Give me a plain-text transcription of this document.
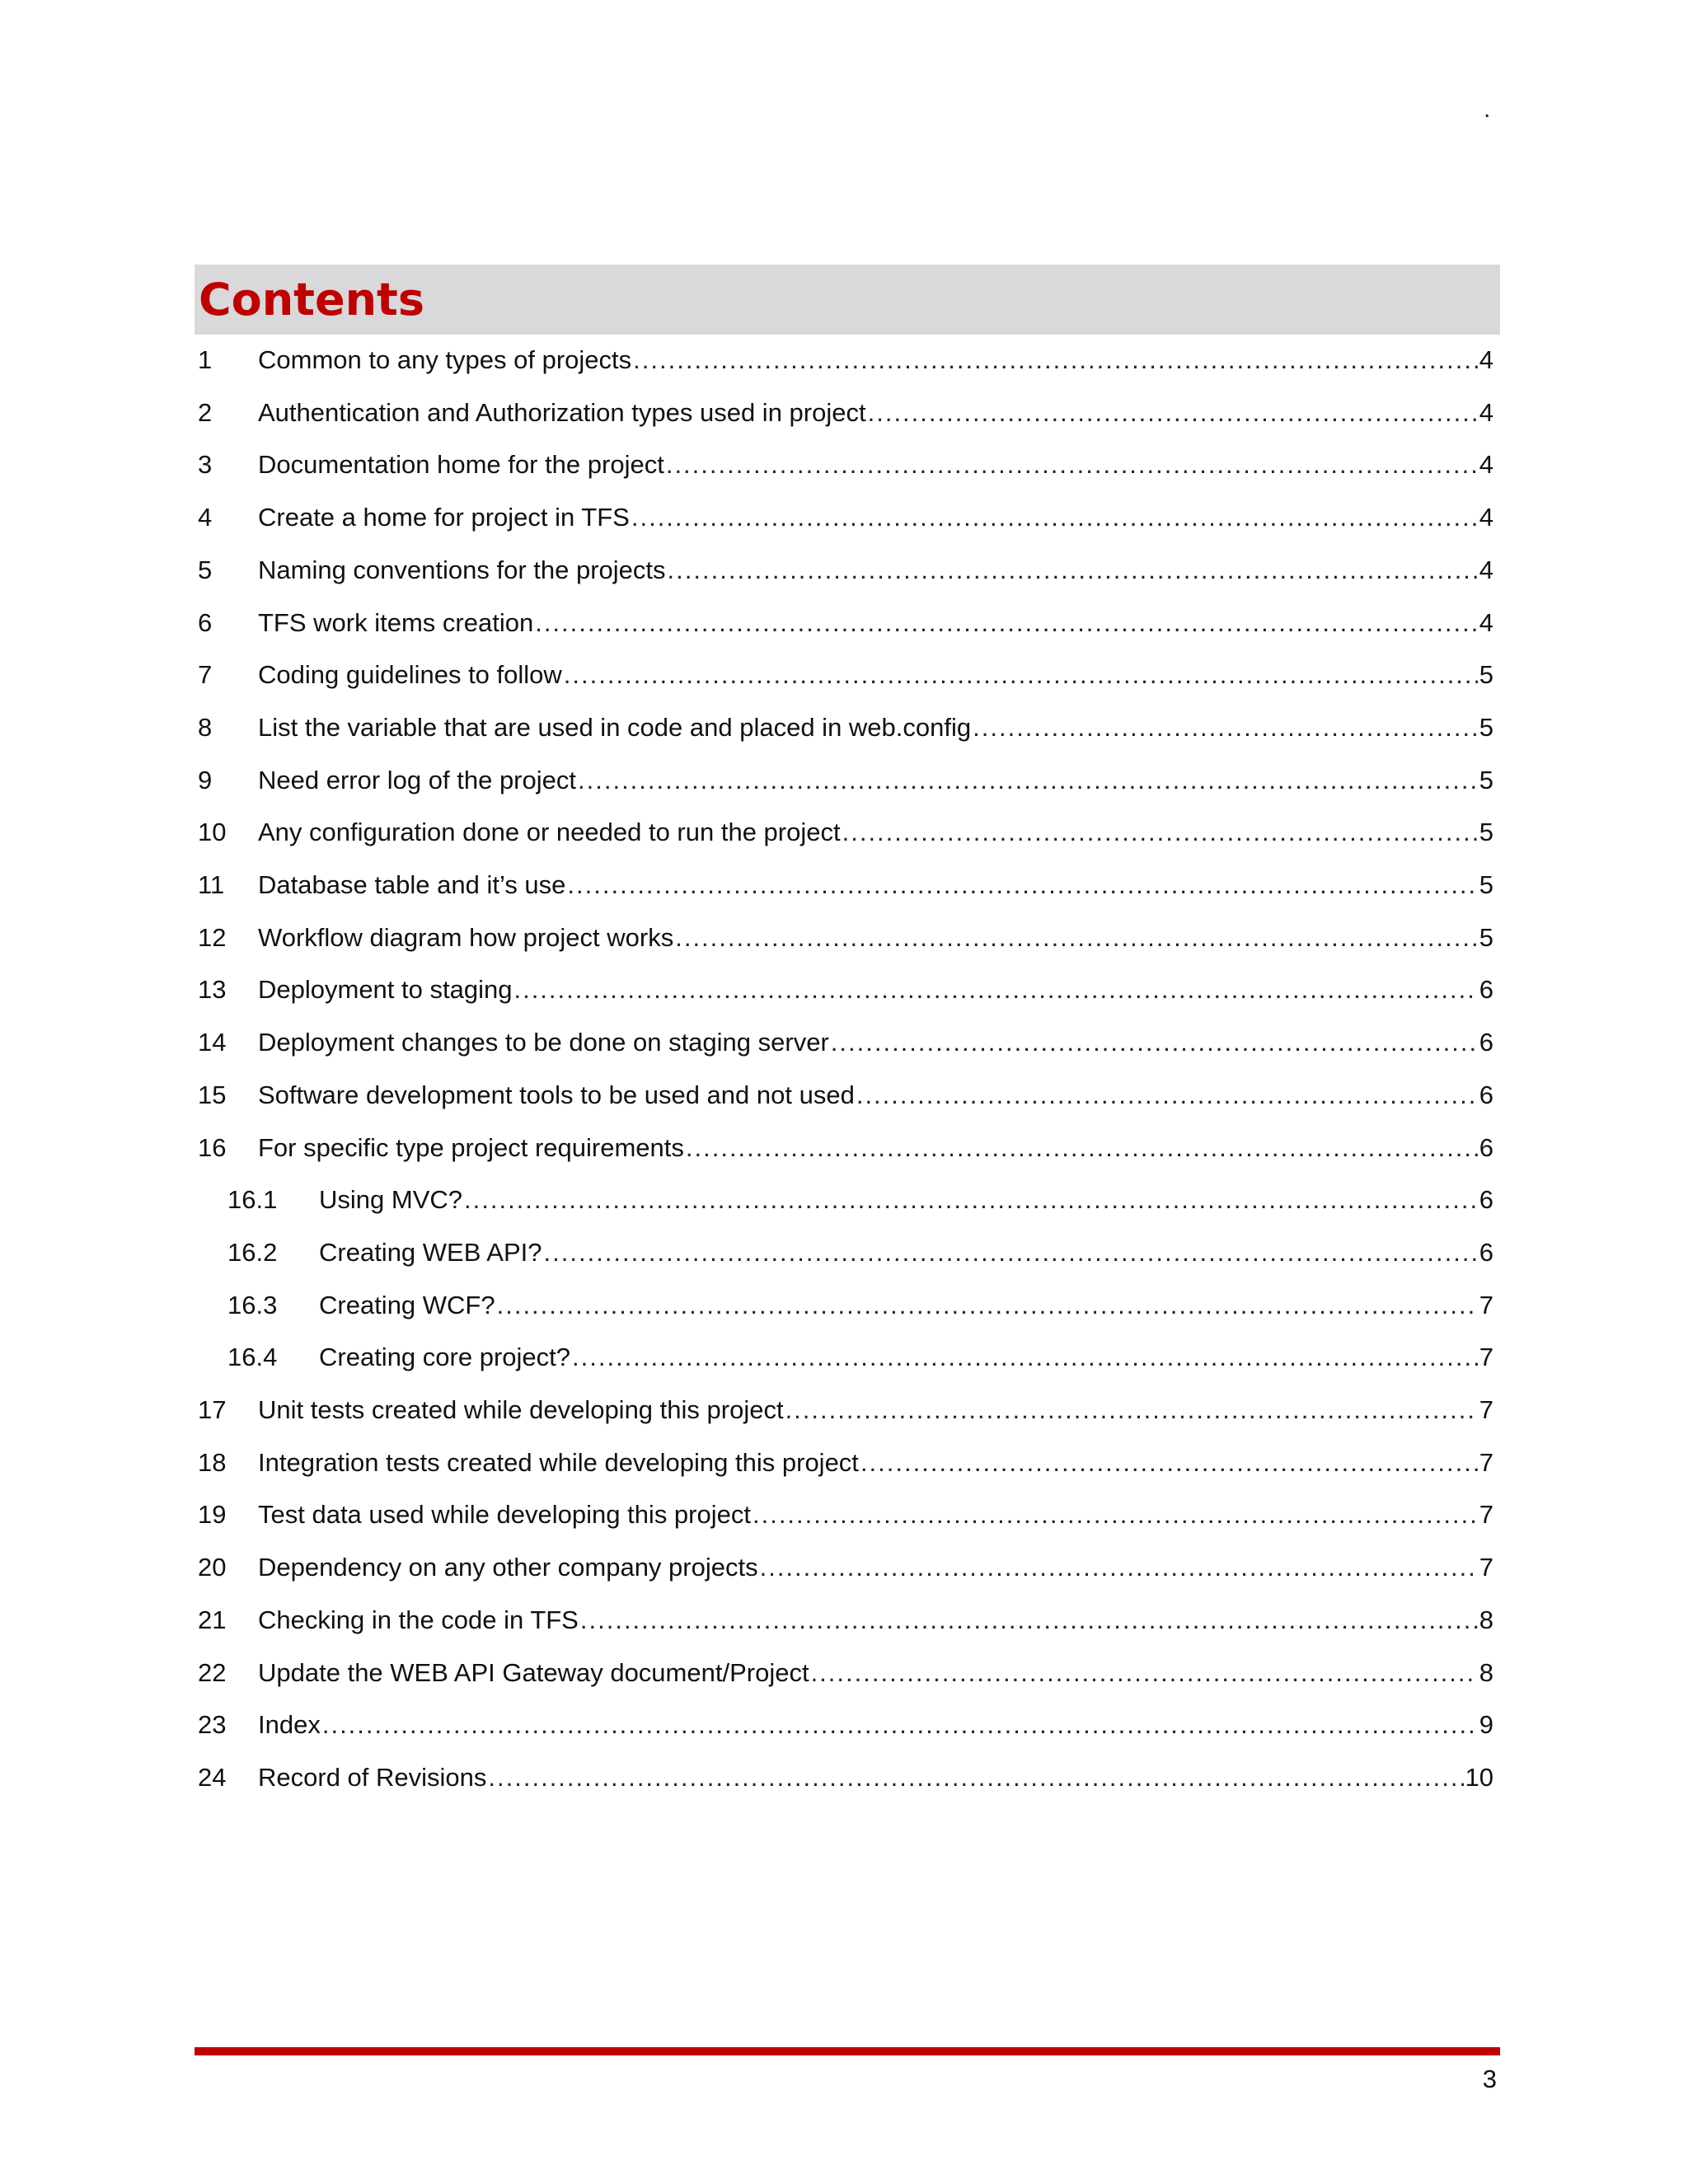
.
Contents
1	Common to any types of projects .....	4
2	Authentication and Authorization types used in project .....	4
3	Documentation home for the project .....	4
4	Create a home for project in TFS .....	4
5	Naming conventions for the projects .....	4
6	TFS work items creation .....	4
7	Coding guidelines to follow .....	5
8	List the variable that are used in code and placed in web.config .....	5
9	Need error log of the project .....	5
10	Any configuration done or needed to run the project .....	5
11	Database table and it’s use .....	5
12	Workflow diagram how project works .....	5
13	Deployment to staging .....	6
14	Deployment changes to be done on staging server .....	6
15	Software development tools to be used and not used .....	6
16	For specific type project requirements .....	6
16.1	Using MVC? .....	6
16.2	Creating WEB API? .....	6
16.3	Creating WCF? .....	7
16.4	Creating core project? .....	7
17	Unit tests created while developing this project .....	7
18	Integration tests created while developing this project .....	7
19	Test data used while developing this project .....	7
20	Dependency on any other company projects .....	7
21	Checking in the code in TFS .....	8
22	Update the WEB API Gateway document/Project .....	8
23	Index .....	9
24	Record of Revisions .....	10
3
